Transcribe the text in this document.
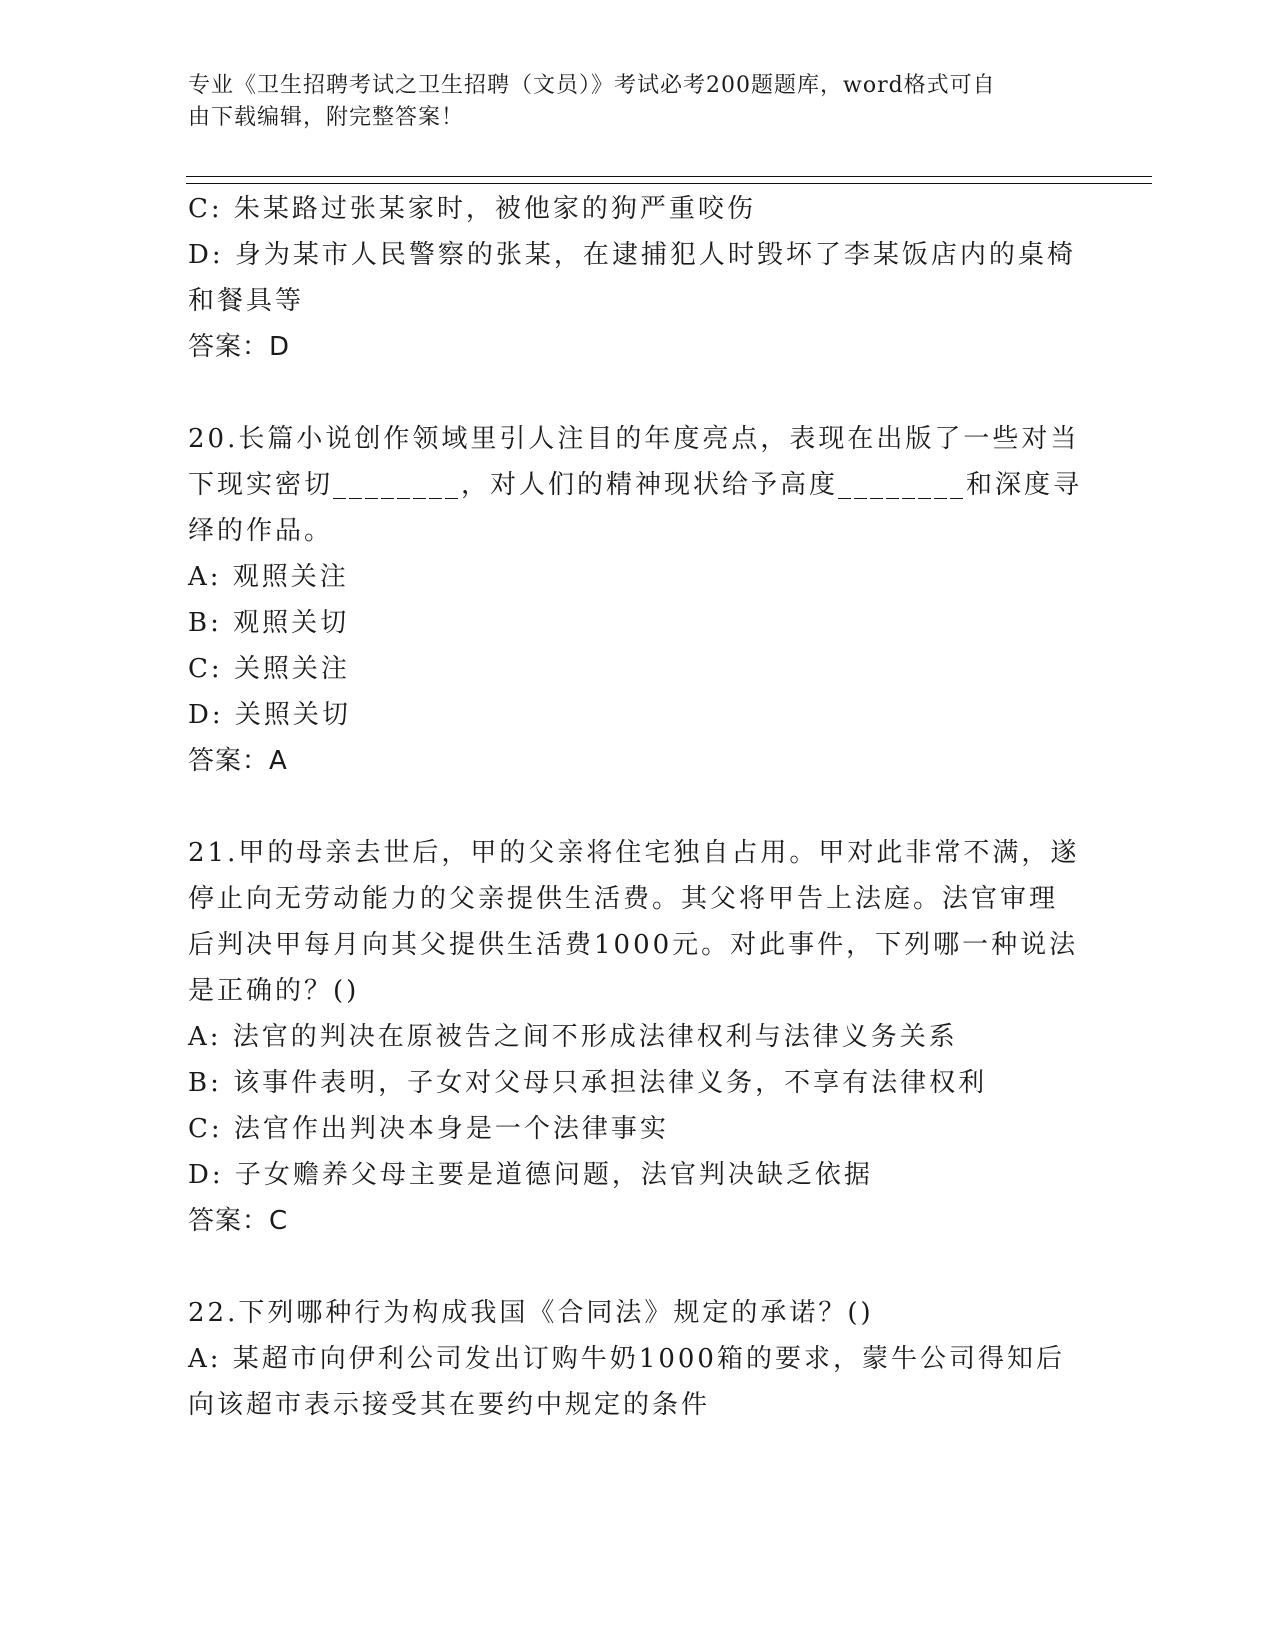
专业《卫生招聘考试之卫生招聘（文员）》考试必考200题题库，word格式可自
由下载编辑，附完整答案！
C: 朱某路过张某家时，被他家的狗严重咬伤
D: 身为某市人民警察的张某，在逮捕犯人时毁坏了李某饭店内的桌椅
和餐具等
答案：D
20.长篇小说创作领域里引人注目的年度亮点，表现在出版了一些对当
下现实密切________，对人们的精神现状给予高度________和深度寻
绎的作品。
A: 观照关注
B: 观照关切
C: 关照关注
D: 关照关切
答案：A
21.甲的母亲去世后，甲的父亲将住宅独自占用。甲对此非常不满，遂
停止向无劳动能力的父亲提供生活费。其父将甲告上法庭。法官审理
后判决甲每月向其父提供生活费1000元。对此事件，下列哪一种说法
是正确的？()
A: 法官的判决在原被告之间不形成法律权利与法律义务关系
B: 该事件表明，子女对父母只承担法律义务，不享有法律权利
C: 法官作出判决本身是一个法律事实
D: 子女赡养父母主要是道德问题，法官判决缺乏依据
答案：C
22.下列哪种行为构成我国《合同法》规定的承诺？()
A: 某超市向伊利公司发出订购牛奶1000箱的要求，蒙牛公司得知后
向该超市表示接受其在要约中规定的条件
